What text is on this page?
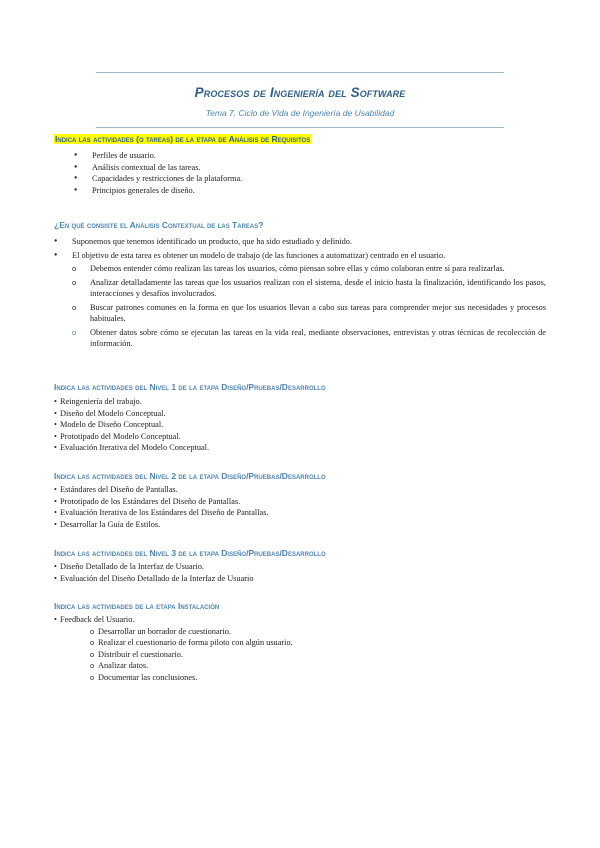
Procesos de Ingeniería del Software
Tema 7. Ciclo de Vida de Ingeniería de Usabilidad
Indica las actividades (o tareas) de la etapa de Análisis de Requisitos
● Perfiles de usuario.
● Análisis contextual de las tareas.
● Capacidades y restricciones de la plataforma.
● Principios generales de diseño.
¿En qué consiste el Análisis Contextual de las Tareas?
● Suponemos que tenemos identificado un producto, que ha sido estudiado y definido.
● El objetivo de esta tarea es obtener un modelo de trabajo (de las funciones a automatizar) centrado en el usuario.
o Debemos entender cómo realizan las tareas los usuarios, cómo piensan sobre ellas y cómo colaboran entre sí para realizarlas.
o Analizar detalladamente las tareas que los usuarios realizan con el sistema, desde el inicio hasta la finalización, identificando los pasos, interacciones y desafíos involucrados.
o Buscar patrones comunes en la forma en que los usuarios llevan a cabo sus tareas para comprender mejor sus necesidades y procesos habituales.
o Obtener datos sobre cómo se ejecutan las tareas en la vida real, mediante observaciones, entrevistas y otras técnicas de recolección de información.
Indica las actividades del Nivel 1 de la etapa Diseño/Pruebas/Desarrollo
• Reingeniería del trabajo.
• Diseño del Modelo Conceptual.
• Modelo de Diseño Conceptual.
• Prototipado del Modelo Conceptual.
• Evaluación Iterativa del Modelo Conceptual.
Indica las actividades del Nivel 2 de la etapa Diseño/Pruebas/Desarrollo
• Estándares del Diseño de Pantallas.
• Prototipado de los Estándares del Diseño de Pantallas.
• Evaluación Iterativa de los Estándares del Diseño de Pantallas.
• Desarrollar la Guía de Estilos.
Indica las actividades del Nivel 3 de la etapa Diseño/Pruebas/Desarrollo
• Diseño Detallado de la Interfaz de Usuario.
• Evaluación del Diseño Detallado de la Interfaz de Usuario
Indica las actividades de la etapa Instalación
• Feedback del Usuario.
o Desarrollar un borrador de cuestionario.
o Realizar el cuestionario de forma piloto con algún usuario.
o Distribuir el cuestionario.
o Analizar datos.
o Documentar las conclusiones.
